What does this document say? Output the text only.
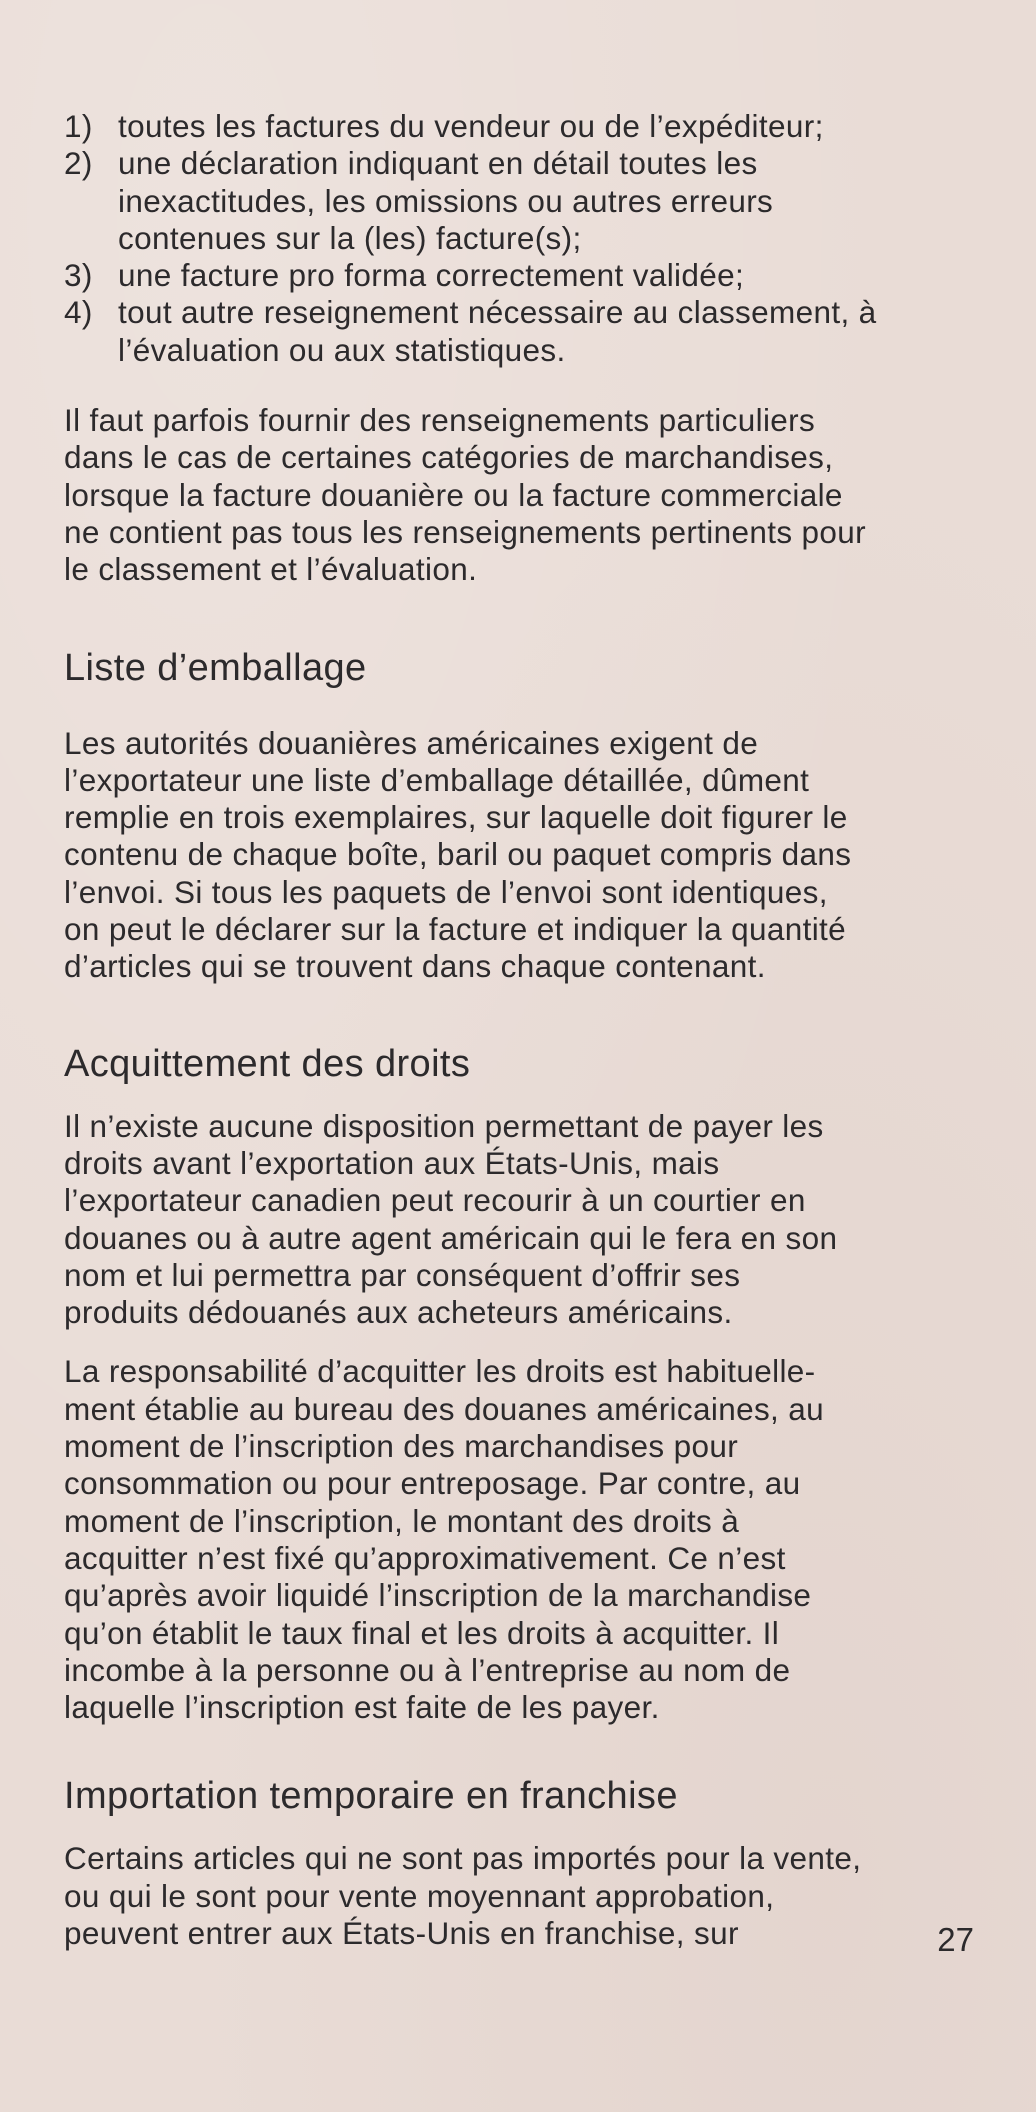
1) toutes les factures du vendeur ou de l’expéditeur;
2) une déclaration indiquant en détail toutes les
inexactitudes, les omissions ou autres erreurs
contenues sur la (les) facture(s);
3) une facture pro forma correctement validée;
4) tout autre reseignement nécessaire au classement, à
l’évaluation ou aux statistiques.

Il faut parfois fournir des renseignements particuliers
dans le cas de certaines catégories de marchandises,
lorsque la facture douanière ou la facture commerciale
ne contient pas tous les renseignements pertinents pour
le classement et l’évaluation.

Liste d’emballage

Les autorités douanières américaines exigent de
l’exportateur une liste d’emballage détaillée, dûment
remplie en trois exemplaires, sur laquelle doit figurer le
contenu de chaque boîte, baril ou paquet compris dans
l’envoi. Si tous les paquets de l’envoi sont identiques,
on peut le déclarer sur la facture et indiquer la quantité
d’articles qui se trouvent dans chaque contenant.

Acquittement des droits

Il n’existe aucune disposition permettant de payer les
droits avant l’exportation aux États-Unis, mais
l’exportateur canadien peut recourir à un courtier en
douanes ou à autre agent américain qui le fera en son
nom et lui permettra par conséquent d’offrir ses
produits dédouanés aux acheteurs américains.

La responsabilité d’acquitter les droits est habituelle-
ment établie au bureau des douanes américaines, au
moment de l’inscription des marchandises pour
consommation ou pour entreposage. Par contre, au
moment de l’inscription, le montant des droits à
acquitter n’est fixé qu’approximativement. Ce n’est
qu’après avoir liquidé l’inscription de la marchandise
qu’on établit le taux final et les droits à acquitter. Il
incombe à la personne ou à l’entreprise au nom de
laquelle l’inscription est faite de les payer.

Importation temporaire en franchise

Certains articles qui ne sont pas importés pour la vente,
ou qui le sont pour vente moyennant approbation,
peuvent entrer aux États-Unis en franchise, sur	27
